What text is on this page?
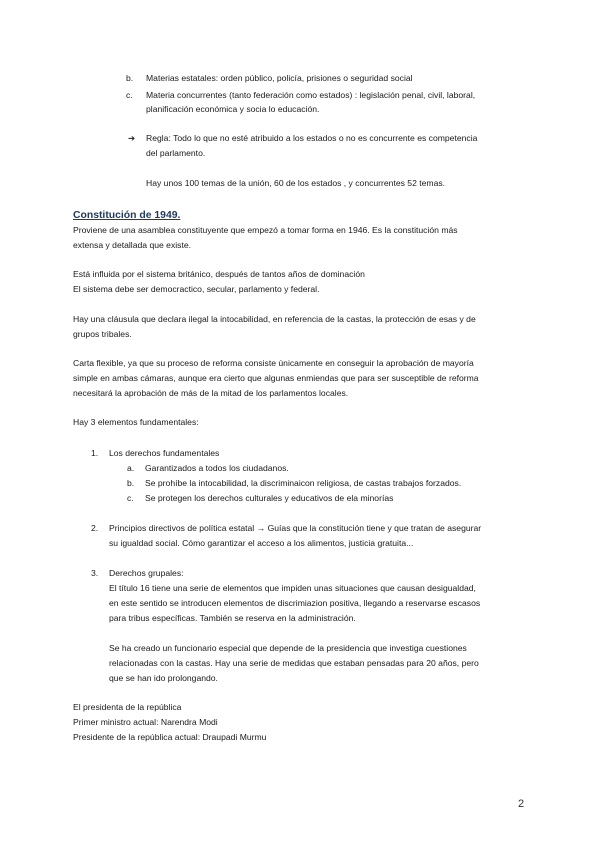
b. Materias estatales: orden público, policía, prisiones o seguridad social
c. Materia concurrentes (tanto federación como estados) : legislación penal, civil, laboral,
planificación económica y socia lo educación.
➔ Regla: Todo lo que no esté atribuido a los estados o no es concurrente es competencia
del parlamento.
Hay unos 100 temas de la unión, 60 de los estados , y concurrentes 52 temas.
Constitución de 1949.
Proviene de una asamblea constituyente que empezó a tomar forma en 1946. Es la constitución más
extensa y detallada que existe.
Está influida por el sistema británico, después de tantos años de dominación
El sistema debe ser democractico, secular, parlamento y federal.
Hay una cláusula que declara ilegal la intocabilidad, en referencia de la castas, la protección de esas y de
grupos tribales.
Carta flexible, ya que su proceso de reforma consiste únicamente en conseguir la aprobación de mayoría
simple en ambas cámaras, aunque era cierto que algunas enmiendas que para ser susceptible de reforma
necesitará la aprobación de más de la mitad de los parlamentos locales.
Hay 3 elementos fundamentales:
1. Los derechos fundamentales
a. Garantizados a todos los ciudadanos.
b. Se prohíbe la intocabilidad, la discriminaicon religiosa, de castas trabajos forzados.
c. Se protegen los derechos culturales y educativos de ela minorías
2. Principios directivos de política estatal → Guías que la constitución tiene y que tratan de asegurar
su igualdad social. Cómo garantizar el acceso a los alimentos, justicia gratuita...
3. Derechos grupales:
El título 16 tiene una serie de elementos que impiden unas situaciones que causan desigualdad,
en este sentido se introducen elementos de discrimiazion positiva, llegando a reservarse escasos
para tribus específicas. También se reserva en la administración.
Se ha creado un funcionario especial que depende de la presidencia que investiga cuestiones
relacionadas con la castas. Hay una serie de medidas que estaban pensadas para 20 años, pero
que se han ido prolongando.
El presidenta de la república
Primer ministro actual: Narendra Modi
Presidente de la república actual: Draupadi Murmu
2
